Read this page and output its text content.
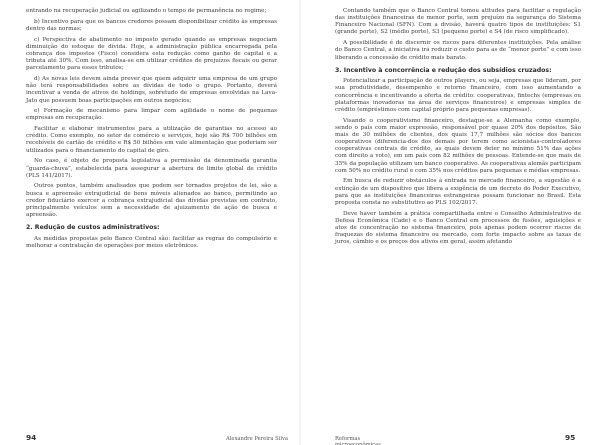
entrando na recuperação judicial ou agilizando o tempo de permanência no regime;

b) Incentivo para que os bancos credores possam disponibilizar crédito às empresas dentro das normas;

c) Perspectiva de abatimento no imposto gerado quando as empresas negociam diminuição do estoque de dívida. Hoje, a administração pública encarregada pela cobrança dos impostos (Fisco) considera esta redução como ganho de capital e a tributa até 30%. Com isso, analisa-se em utilizar créditos de prejuízos fiscais ou gerar parcelamento para esses tributos;

d) As novas leis devem ainda prever que quem adquirir uma empresa de um grupo não terá responsabilidades sobre as dívidas de todo o grupo. Portanto, deverá incentivar a venda de ativos de holdings, sobretudo de empresas envolvidas na Lava-Jato que possuem boas participações em outros negócios;

e) Formação de mecanismo para limpar com agilidade o nome de pequenas empresas em recuperação.

Facilitar e elaborar instrumentos para a utilização de garantias no acesso ao crédito. Como exemplo, no setor de comércio e serviços, hoje são R$ 700 bilhões em recebíveis de cartão de crédito e R$ 50 bilhões em vale alimentação que poderiam ser utilizados para o financiamento do capital de giro.

No caso, é objeto de proposta legislativa a permissão da denominada garantia “guarda-chuva”, estabelecida para assegurar a abertura de limite global de crédito (PLS 141/2017).

Outros pontos, também analisados que podem ser tornados projetos de lei, são a busca e apreensão extrajudicial de bens móveis alienados ao banco, permitindo ao credor fiduciário exercer a cobrança extrajudicial das dívidas previstas em contrato, principalmente veículos sem a necessidade de ajuizamento de ação de busca e apreensão.

2. Redução de custos administrativos:

As medidas propostas pelo Banco Central são: facilitar as regras do compulsório e melhorar a contratação de operações por meios eletrônicos.

94	Alexandre Pereira Silva

Contando também que o Banco Central tomou atitudes para facilitar a regulação das instituições financeiras de menor porte, sem prejuízo na segurança do Sistema Financeiro Nacional (SFN). Com a divisão, haverá quatro tipos de instituições: S1 (grande porte), S2 (médio porte), S3 (pequeno porte) e S4 (de risco simplificado).

A possibilidade é de discernir os riscos para diferentes instituições. Pela análise do Banco Central, a iniciativa irá reduzir o custo para as de “menor porte” e com isso liberando a concessão de crédito mais barato.

3. Incentivo à concorrência e redução dos subsídios cruzados:

Potencializar a participação de outros players, ou seja, empresas que lideram, por sua produtividade, desempenho e retorno financeiro, com isso aumentando a concorrência e incentivando a oferta de crédito: cooperativas, fintechs (empresas ou plataformas inovadoras na área de serviços financeiros) e empresas simples de crédito (empréstimos com capital próprio para pequenas empresas).

Visando o cooperativismo financeiro, destaque-se a Alemanha como exemplo, sendo o país com maior expressão, responsável por quase 20% dos depósitos. São mais de 30 milhões de clientes, dos quais 17,7 milhões são sócios dos bancos cooperativos (diferencia-dos dos demais por terem como acionistas-controladores cooperativas centrais de crédito, as quais devem deter no mínimo 51% das ações com direito a voto), em um país com 82 milhões de pessoas. Entende-se que mais de 35% da população utilizam um banco cooperativo. As cooperativas alemãs participam com 50% no crédito rural e com 35% nos créditos para pequenas e médias empresas.

Em busca de reduzir obstáculos à entrada no mercado financeiro, a sugestão é a extinção de um dispositivo que libera a exigência de um decreto do Poder Executivo, para que as instituições financeiras estrangeiras possam funcionar no Brasil. Esta proposta consta no substitutivo ao PLS 102/2017.

Deve haver também a prática compartilhada entre o Conselho Administrativo de Defesa Econômica (Cade) e o Banco Central em processos de fusões, aquisições e atos de concentração no sistema financeiro, pois apenas podem ocorrer riscos de fraquezas do sistema financeiro ou mercado, com forte impacto sobre as taxas de juros, câmbio e os preços dos ativos em geral, assim afetando

Reformas microeconômicas
95
